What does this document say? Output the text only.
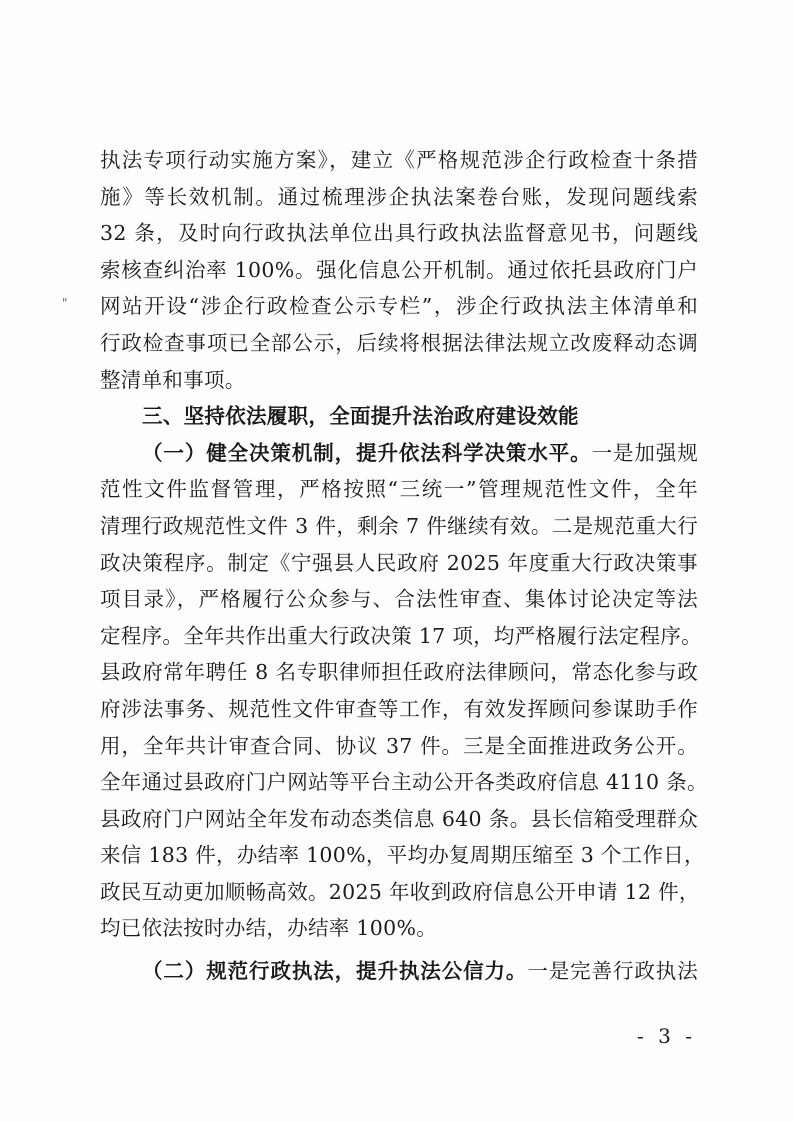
"
执法专项行动实施方案》，建立《严格规范涉企行政检查十条措
施》等长效机制。通过梳理涉企执法案卷台账，发现问题线索
32 条，及时向行政执法单位出具行政执法监督意见书，问题线
索核查纠治率 100%。强化信息公开机制。通过依托县政府门户
网站开设“涉企行政检查公示专栏”，涉企行政执法主体清单和
行政检查事项已全部公示，后续将根据法律法规立改废释动态调
整清单和事项。
三、坚持依法履职，全面提升法治政府建设效能
（一）健全决策机制，提升依法科学决策水平。一是加强规
范性文件监督管理，严格按照“三统一”管理规范性文件，全年
清理行政规范性文件 3 件，剩余 7 件继续有效。二是规范重大行
政决策程序。制定《宁强县人民政府 2025 年度重大行政决策事
项目录》，严格履行公众参与、合法性审查、集体讨论决定等法
定程序。全年共作出重大行政决策 17 项，均严格履行法定程序。
县政府常年聘任 8 名专职律师担任政府法律顾问，常态化参与政
府涉法事务、规范性文件审查等工作，有效发挥顾问参谋助手作
用，全年共计审查合同、协议 37 件。三是全面推进政务公开。
全年通过县政府门户网站等平台主动公开各类政府信息 4110 条。
县政府门户网站全年发布动态类信息 640 条。县长信箱受理群众
来信 183 件，办结率 100%，平均办复周期压缩至 3 个工作日，
政民互动更加顺畅高效。2025 年收到政府信息公开申请 12 件，
均已依法按时办结，办结率 100%。
（二）规范行政执法，提升执法公信力。一是完善行政执法
- 3 -
